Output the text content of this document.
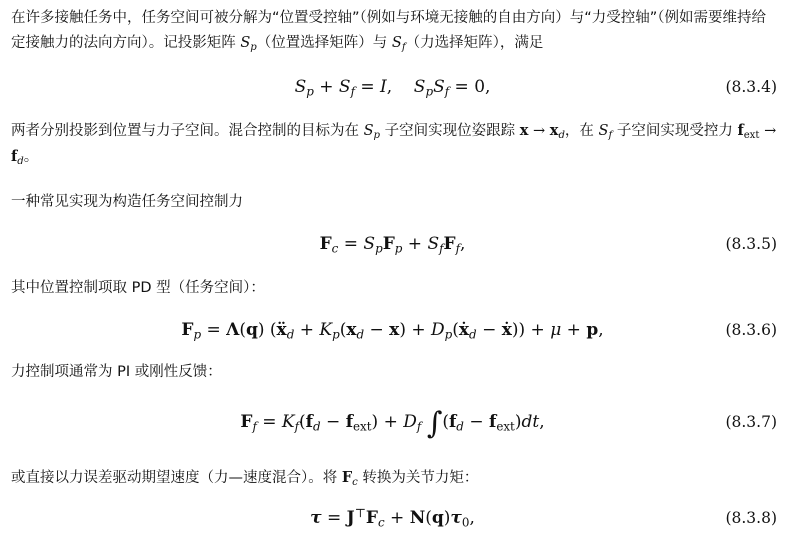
在许多接触任务中，任务空间可被分解为“位置受控轴”（例如与环境无接触的自由方向）与“力受控轴”（例如需要维持给定接触力的法向方向）。记投影矩阵 $S_p$（位置选择矩阵）与 $S_f$（力选择矩阵），满足

$S_p + S_f = I$,    $S_pS_f = 0$,	(8.3.4)

两者分别投影到位置与力子空间。混合控制的目标为在 $S_p$ 子空间实现位姿跟踪 $x \to x_d$，在 $S_f$ 子空间实现受控力 $f_{ext} \to f_d$。

一种常见实现为构造任务空间控制力

$F_c = S_pF_p + S_fF_f$,	(8.3.5)

其中位置控制项取 PD 型（任务空间）：

$F_p = \Lambda(q)$ (ẍ$_d$ + $K_p(x_d - x)$ + $D_p(ẋ_d$ − ẋ)) + μ + p,	(8.3.6)

力控制项通常为 PI 或刚性反馈：

$F_f = K_f(f_d - f_{ext}) + D_f$ $\int(f_d - f_{ext})dt$,	(8.3.7)

或直接以力误差驱动期望速度（力—速度混合）。将 $F_c$ 转换为关节力矩：

$\tau = J^⊤F_c + N(q)\tau_0$,	(8.3.8)
